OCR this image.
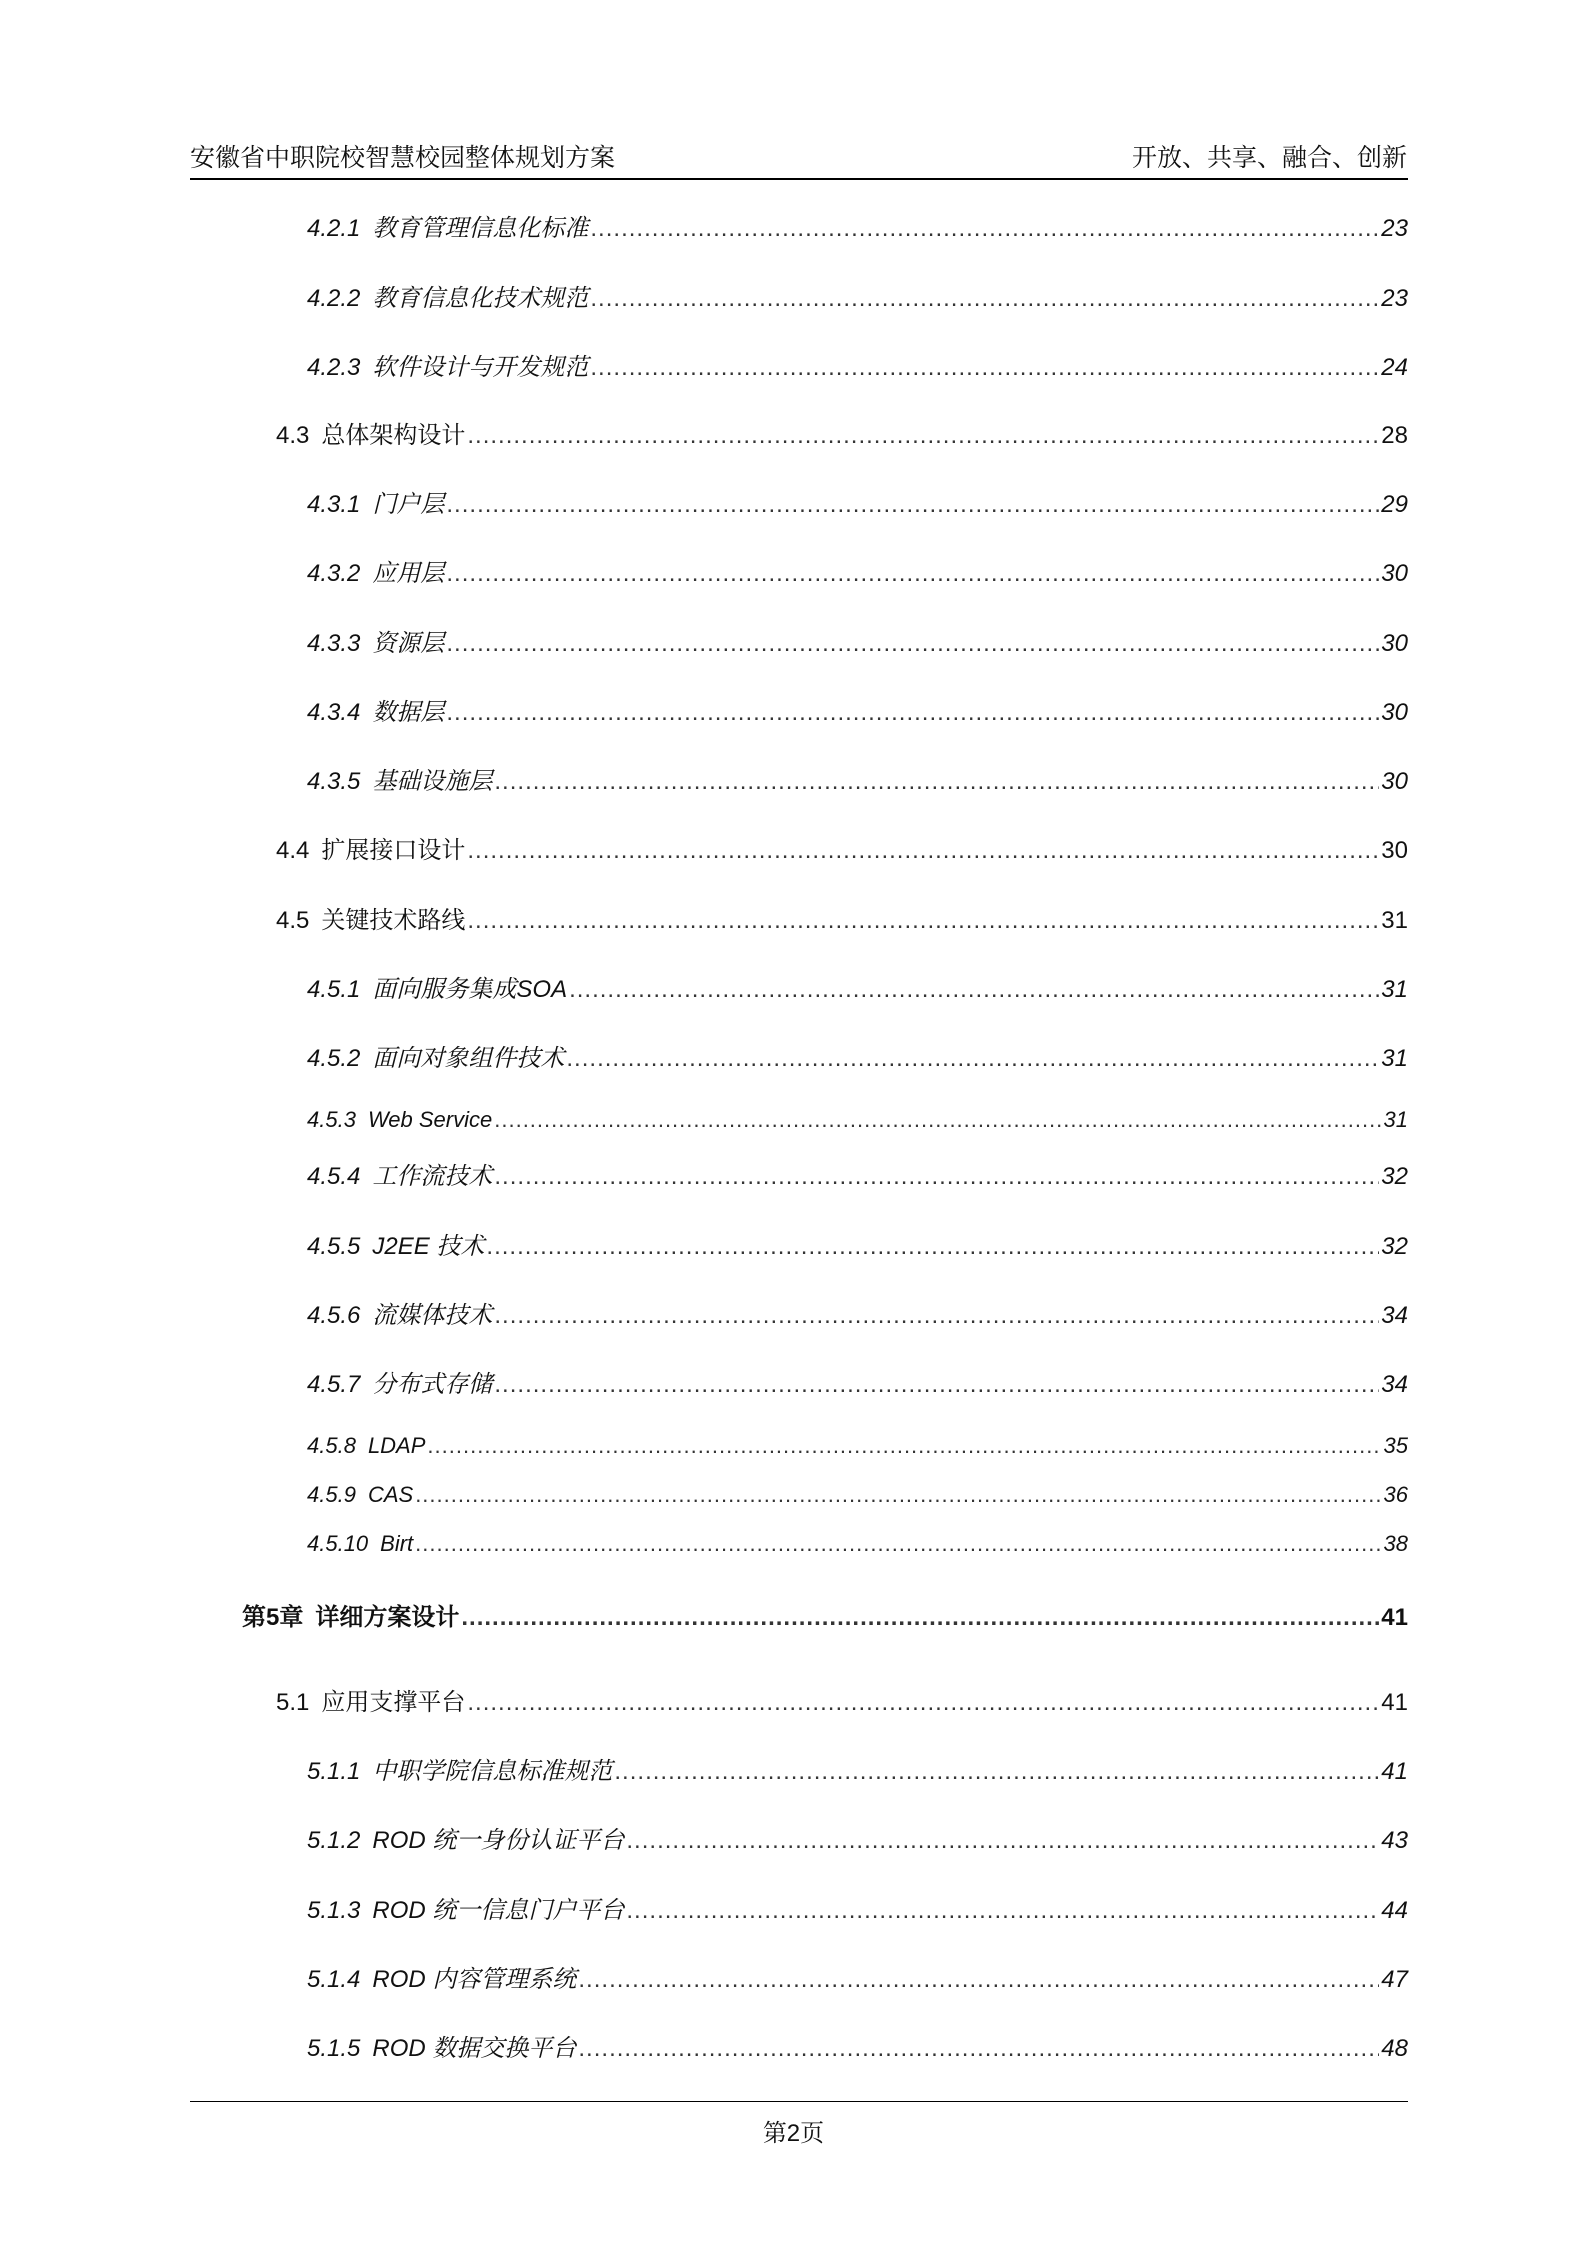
安徽省中职院校智慧校园整体规划方案	开放、共享、融合、创新
4.2.1 教育管理信息化标准 .....	23
4.2.2 教育信息化技术规范 .....	23
4.2.3 软件设计与开发规范 .....	24
4.3 总体架构设计 .....	28
4.3.1 门户层 .....	29
4.3.2 应用层 .....	30
4.3.3 资源层 .....	30
4.3.4 数据层 .....	30
4.3.5 基础设施层 .....	30
4.4 扩展接口设计 .....	30
4.5 关键技术路线 .....	31
4.5.1 面向服务集成SOA .....	31
4.5.2 面向对象组件技术 .....	31
4.5.3 Web Service .....	31
4.5.4 工作流技术 .....	32
4.5.5 J2EE 技术 .....	32
4.5.6 流媒体技术 .....	34
4.5.7 分布式存储 .....	34
4.5.8 LDAP .....	35
4.5.9 CAS .....	36
4.5.10 Birt .....	38
第5章 详细方案设计 .....	41
5.1 应用支撑平台 .....	41
5.1.1 中职学院信息标准规范 .....	41
5.1.2 ROD 统一身份认证平台 .....	43
5.1.3 ROD 统一信息门户平台 .....	44
5.1.4 ROD 内容管理系统 .....	47
5.1.5 ROD 数据交换平台 .....	48
第2页
